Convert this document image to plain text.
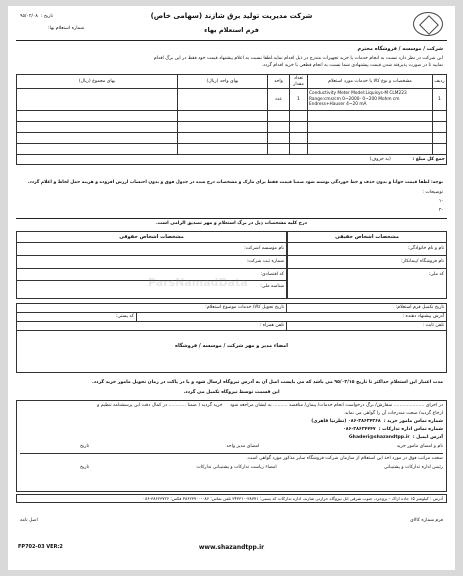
شرکت مدیریت تولید برق شازند (سهامی خاص)
فرم استعلام بهاء
تاریخ :
۹۵/۰۲/۰۸
شماره استعلام بها:
شرکت / موسسه / فروشگاه محترم
این شرکت در نظر دارد نسبت به انجام خدمات یا خرید تجهیزات مندرج در ذیل اقدام نماید.لطفا نسبت به اعلام پیشنهاد قیمت خود فقط در این برگ اقدام
نمایید تا در صورت پذیرفته شدن قیمت پیشنهادی شما نسبت به انجام قطعی یا خرید اقدام گردد.
ردیف	مشخصات و نوع کالا یا خدمات مورد استعلام	تعداد مقدار	واحد	بهای واحد (ریال)	بهای مجموع (ریال)
1	Conductivity Meter Model:Liquisys-M CLM223
Range:cms/cm 0~2000- 0~200 Mohm cm
Endress+Hauser 4~20 mA	1	عدد		

جمع کل مبلغ : (به حروف)					
توجه: لطفا قیمت خوانا و بدون حذف و خط خوردگی نوشته شود ضمنا قیمت فقط برای مارک و مشخصات درج شده در جدول فوق و بدون احتساب ارزش افزوده و هزینه حمل لحاظ و اعلام گردد.
توضیحات :
-۱
-۲
درج کلیه مشخصات ذیل در برگ استعلام و مهر تصدیق الزامی است.
مشخصات اشخاص حقیقی
نام و نام خانوادگی:
نام فروشگاه /پیمانکار:
کد ملی:
مشخصات اشخاص حقوقی
نام موسسه /شرکت:
شماره ثبت شرکت:
کد اقتصادی:
شناسه ملی:
تاریخ تکمیل فرم استعلام:
تاریخ تحویل کالا/ خدمات موضوع استعلام:
آدرس پیشنهاد دهنده :
کد پستی:
تلفن ثابت :
تلفن همراه :
امضاء مدیر و مهر شرکت / موسسه / فروشگاه
ParsNamadData
مدت اعتبار این استعلام حداکثر تا تاریخ ۹۵/۰۲/۱۵ می باشد که می بایست اصل آن به آدرس تیروگاه ارسال شود و یا در پاکت در زمان تحویل مامور خرید گردد.
این قسمت توسط نیروگاه تکمیل می گردد.
در اجرای ..................... سفارش/ برگ درخواست انجام خدمات/ پیمان/ مناقصه .......... به ایشان مراجعه شود خرید گردید ( ضمنا ............ در کمال دقت این پرسشنامه تنظیم و
ارجاع گردید/ صحت مندرجات آن را گواهی می نماید.
شماره تماس مامور خرید :
۰۸۶-۳۸۶۲۴۳۶۸ (نظرنیا قاهری)
شماره تماس اداره تدارکات :
۰۸۶-۳۸۶۲۴۴۴۷
آدرس ایمیل :
Ghaderi@shazandtpp.ir
نام و امضای مامور خرید
امضای مدیر واحد
تاریخ
صحت مراتب فوق در مورد اخذ این استعلام از سازمان شرکت فروشگاه سایر مذکور مورد گواهی است.
رئیس اداره تدارکات و پشتیبانی
امضاء ریاست تدارکات و پشتیبانی تدارکات
تاریخ
آدرس : کیلومتر ۱۵ جاده اراک - بروجرد، جنوب شرقی اتل نیروگاه حرارتی شازند، اداره تدارکات کد پستی: ۳۸۷۷۱-۳۴۳۳۱۰ تلفن تماس: ۰۸۶-۳۸۶۲۳۷۰۰ فکس: ۳۸۶۲۳۷۲۶-۰۸۶
فرم شماره کالای
اصل نامه
www.shazandtpp.ir
FP702-03 VER:2
